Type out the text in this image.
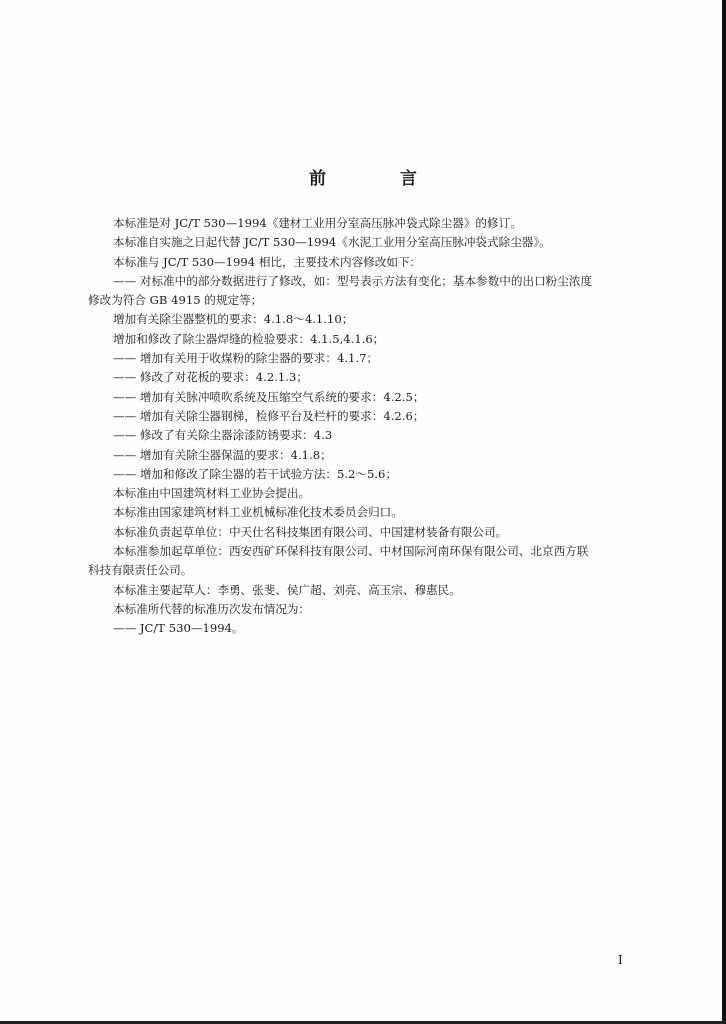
前 言
本标准是对 JC/T 530—1994《建材工业用分室高压脉冲袋式除尘器》的修订。
本标准自实施之日起代替 JC/T 530—1994《水泥工业用分室高压脉冲袋式除尘器》。
本标准与 JC/T 530—1994 相比，主要技术内容修改如下：
—— 对标准中的部分数据进行了修改，如：型号表示方法有变化；基本参数中的出口粉尘浓度
修改为符合 GB 4915 的规定等；
增加有关除尘器整机的要求：4.1.8～4.1.10；
增加和修改了除尘器焊缝的检验要求：4.1.5,4.1.6；
—— 增加有关用于收煤粉的除尘器的要求：4.1.7；
—— 修改了对花板的要求：4.2.1.3；
—— 增加有关脉冲喷吹系统及压缩空气系统的要求：4.2.5；
—— 增加有关除尘器钢梯，检修平台及栏杆的要求：4.2.6；
—— 修改了有关除尘器涂漆防锈要求：4.3
—— 增加有关除尘器保温的要求：4.1.8；
—— 增加和修改了除尘器的若干试验方法：5.2～5.6；
本标准由中国建筑材料工业协会提出。
本标准由国家建筑材料工业机械标准化技术委员会归口。
本标准负责起草单位：中天仕名科技集团有限公司、中国建材装备有限公司。
本标准参加起草单位：西安西矿环保科技有限公司、中材国际河南环保有限公司、北京西方联
科技有限责任公司。
本标准主要起草人：李勇、张斐、侯广超、刘亮、高玉宗、穆惠民。
本标准所代替的标准历次发布情况为：
—— JC/T 530—1994。
I
